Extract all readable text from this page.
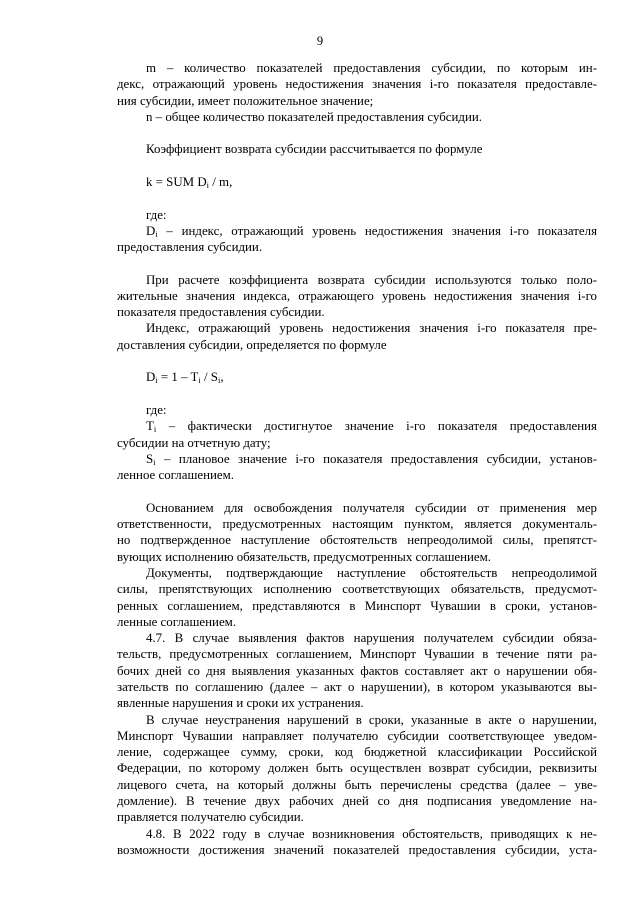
9
m – количество показателей предоставления субсидии, по которым ин-
декс, отражающий уровень недостижения значения i-го показателя предоставле-
ния субсидии, имеет положительное значение;
n – общее количество показателей предоставления субсидии.
Коэффициент возврата субсидии рассчитывается по формуле
k = SUM $D_i$ / m,
где:
$D_i$ – индекс, отражающий уровень недостижения значения i-го показателя
предоставления субсидии.
При расчете коэффициента возврата субсидии используются только поло-
жительные значения индекса, отражающего уровень недостижения значения i-го
показателя предоставления субсидии.
Индекс, отражающий уровень недостижения значения i-го показателя пре-
доставления субсидии, определяется по формуле
$D_i = 1 - T_i / S_i$,
где:
$T_i$ – фактически достигнутое значение i-го показателя предоставления
субсидии на отчетную дату;
$S_i$ – плановое значение i-го показателя предоставления субсидии, установ-
ленное соглашением.
Основанием для освобождения получателя субсидии от применения мер
ответственности, предусмотренных настоящим пунктом, является документаль-
но подтвержденное наступление обстоятельств непреодолимой силы, препятст-
вующих исполнению обязательств, предусмотренных соглашением.
Документы, подтверждающие наступление обстоятельств непреодолимой
силы, препятствующих исполнению соответствующих обязательств, предусмот-
ренных соглашением, представляются в Минспорт Чувашии в сроки, установ-
ленные соглашением.
4.7. В случае выявления фактов нарушения получателем субсидии обяза-
тельств, предусмотренных соглашением, Минспорт Чувашии в течение пяти ра-
бочих дней со дня выявления указанных фактов составляет акт о нарушении обя-
зательств по соглашению (далее – акт о нарушении), в котором указываются вы-
явленные нарушения и сроки их устранения.
В случае неустранения нарушений в сроки, указанные в акте о нарушении,
Минспорт Чувашии направляет получателю субсидии соответствующее уведом-
ление, содержащее сумму, сроки, код бюджетной классификации Российской
Федерации, по которому должен быть осуществлен возврат субсидии, реквизиты
лицевого счета, на который должны быть перечислены средства (далее – уве-
домление). В течение двух рабочих дней со дня подписания уведомление на-
правляется получателю субсидии.
4.8. В 2022 году в случае возникновения обстоятельств, приводящих к не-
возможности достижения значений показателей предоставления субсидии, уста-
